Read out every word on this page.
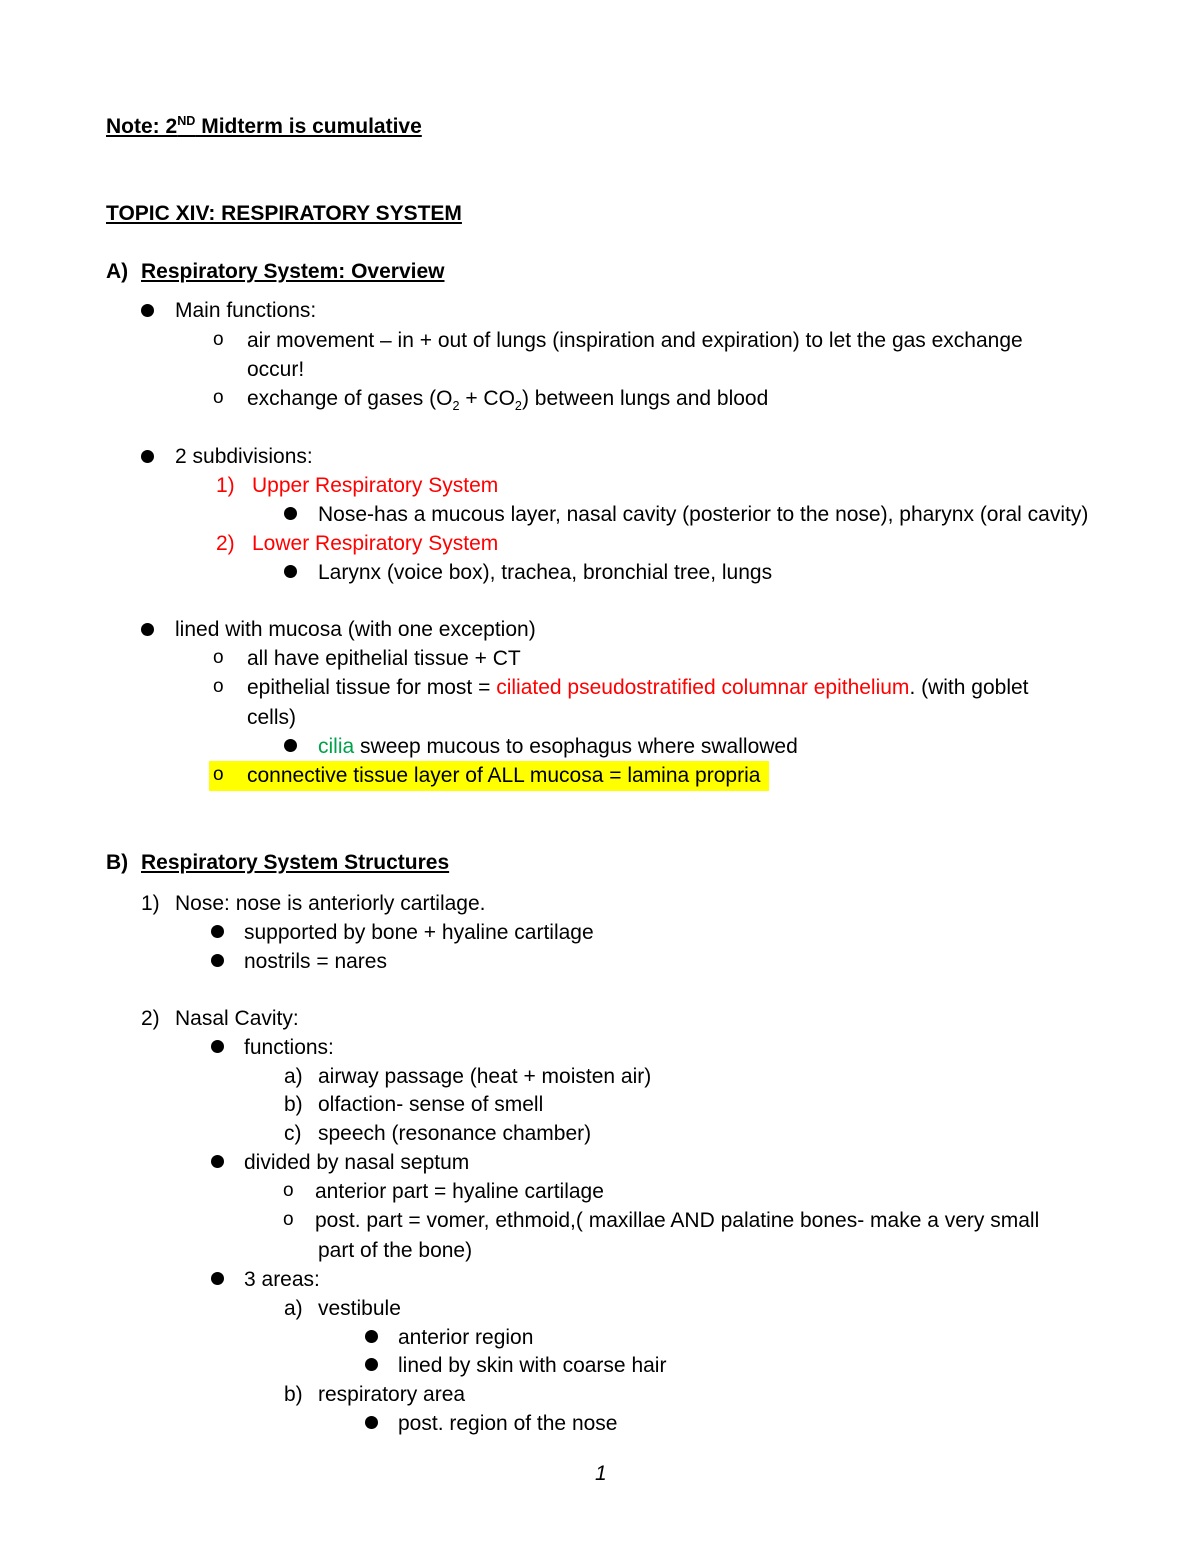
Note: 2ND Midterm is cumulative
TOPIC XIV: RESPIRATORY SYSTEM
A) Respiratory System: Overview
Main functions:
o air movement – in + out of lungs (inspiration and expiration) to let the gas exchange
occur!
o exchange of gases $(O_2 + CO_2)$ between lungs and blood
2 subdivisions:
1) Upper Respiratory System
Nose-has a mucous layer, nasal cavity (posterior to the nose), pharynx (oral cavity)
2) Lower Respiratory System
Larynx (voice box), trachea, bronchial tree, lungs
lined with mucosa (with one exception)
o all have epithelial tissue + CT
o epithelial tissue for most = ciliated pseudostratified columnar epithelium. (with goblet
cells)
cilia sweep mucous to esophagus where swallowed
o connective tissue layer of ALL mucosa = lamina propria
B) Respiratory System Structures
1) Nose: nose is anteriorly cartilage.
supported by bone + hyaline cartilage
nostrils = nares
2) Nasal Cavity:
functions:
a) airway passage (heat + moisten air)
b) olfaction- sense of smell
c) speech (resonance chamber)
divided by nasal septum
o anterior part = hyaline cartilage
o post. part = vomer, ethmoid,( maxillae AND palatine bones- make a very small
part of the bone)
3 areas:
a) vestibule
anterior region
lined by skin with coarse hair
b) respiratory area
post. region of the nose
1
